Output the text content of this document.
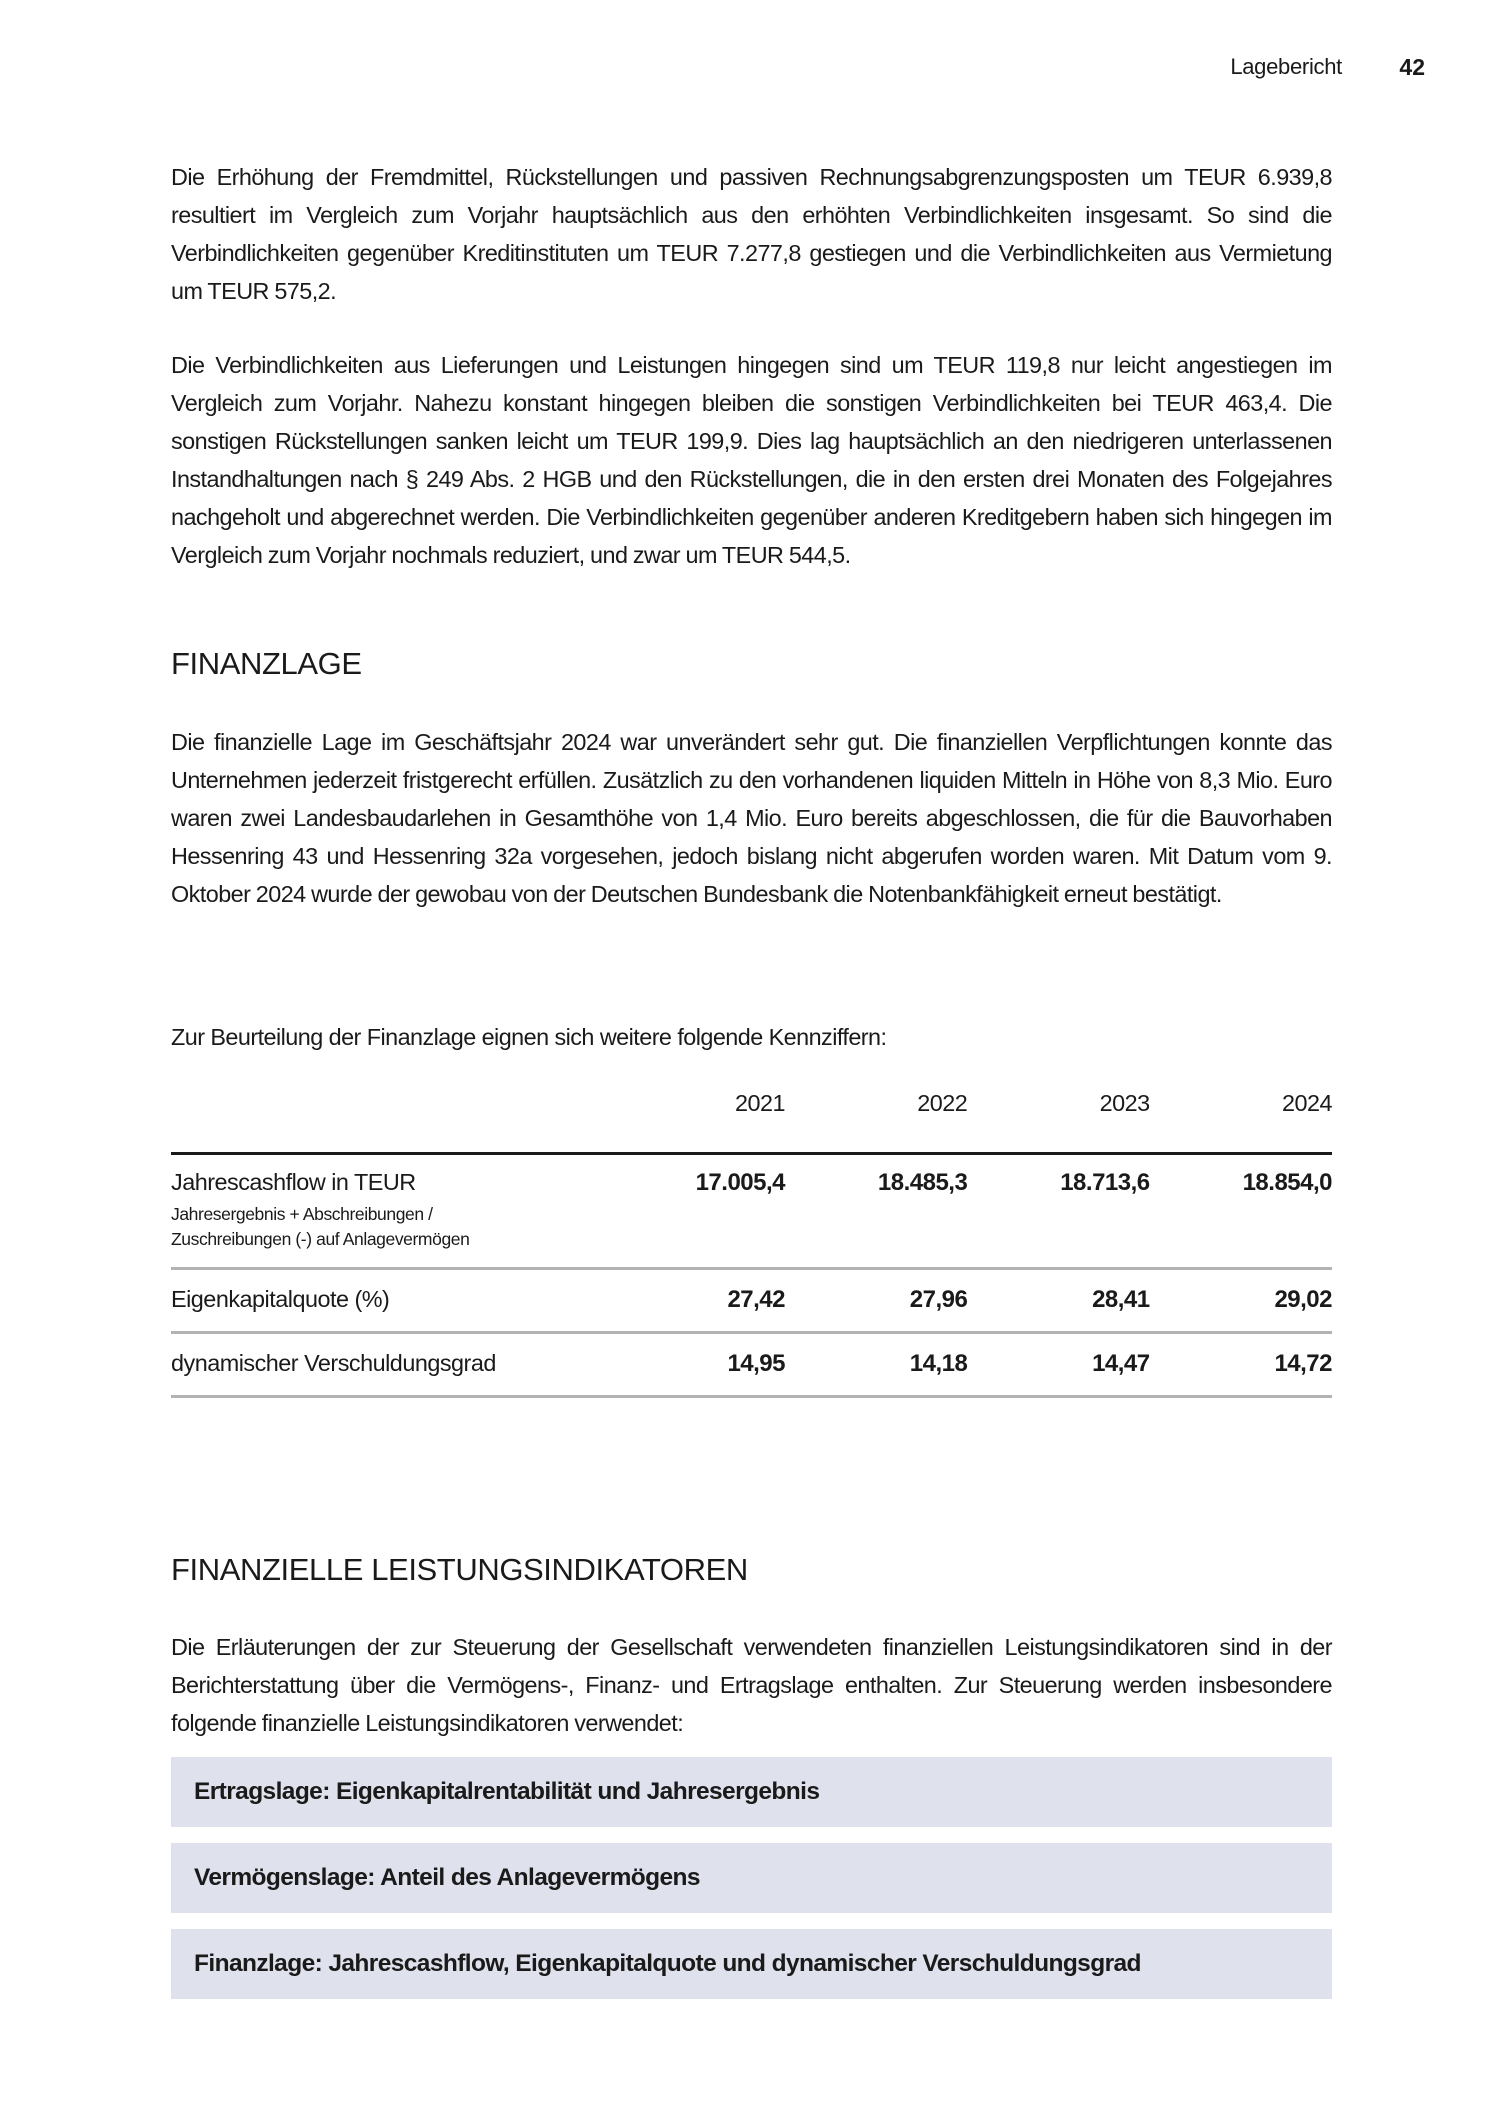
Lagebericht 42

Die Erhöhung der Fremdmittel, Rückstellungen und passiven Rechnungsabgrenzungsposten um TEUR 6.939,8 resultiert im Vergleich zum Vorjahr hauptsächlich aus den erhöhten Verbindlichkeiten insgesamt. So sind die Verbindlichkeiten gegenüber Kreditinstituten um TEUR 7.277,8 gestiegen und die Verbindlichkeiten aus Vermietung um TEUR 575,2.

Die Verbindlichkeiten aus Lieferungen und Leistungen hingegen sind um TEUR 119,8 nur leicht angestiegen im Vergleich zum Vorjahr. Nahezu konstant hingegen bleiben die sonstigen Verbindlichkeiten bei TEUR 463,4. Die sonstigen Rückstellungen sanken leicht um TEUR 199,9. Dies lag hauptsächlich an den niedrigeren unterlassenen Instandhaltungen nach § 249 Abs. 2 HGB und den Rückstellungen, die in den ersten drei Monaten des Folgejahres nachgeholt und abgerechnet werden. Die Verbindlichkeiten gegenüber anderen Kreditgebern haben sich hingegen im Vergleich zum Vorjahr nochmals reduziert, und zwar um TEUR 544,5.

FINANZLAGE

Die finanzielle Lage im Geschäftsjahr 2024 war unverändert sehr gut. Die finanziellen Verpflichtungen konnte das Unternehmen jederzeit fristgerecht erfüllen. Zusätzlich zu den vorhandenen liquiden Mitteln in Höhe von 8,3 Mio. Euro waren zwei Landesbaudarlehen in Gesamthöhe von 1,4 Mio. Euro bereits abgeschlossen, die für die Bauvorhaben Hessenring 43 und Hessenring 32a vorgesehen, jedoch bislang nicht abgerufen worden waren. Mit Datum vom 9. Oktober 2024 wurde der gewobau von der Deutschen Bundesbank die Notenbankfähigkeit erneut bestätigt.

Zur Beurteilung der Finanzlage eignen sich weitere folgende Kennziffern:

	2021	2022	2023	2024
Jahrescashflow in TEUR
Jahresergebnis + Abschreibungen /
Zuschreibungen (-) auf Anlagevermögen	17.005,4	18.485,3	18.713,6	18.854,0
Eigenkapitalquote (%)	27,42	27,96	28,41	29,02
dynamischer Verschuldungsgrad	14,95	14,18	14,47	14,72
FINANZIELLE LEISTUNGSINDIKATOREN

Die Erläuterungen der zur Steuerung der Gesellschaft verwendeten finanziellen Leistungsindikatoren sind in der Berichterstattung über die Vermögens-, Finanz- und Ertragslage enthalten. Zur Steuerung werden insbesondere folgende finanzielle Leistungsindikatoren verwendet:

Ertragslage: Eigenkapitalrentabilität und Jahresergebnis
Vermögenslage: Anteil des Anlagevermögens
Finanzlage: Jahrescashflow, Eigenkapitalquote und dynamischer Verschuldungsgrad
